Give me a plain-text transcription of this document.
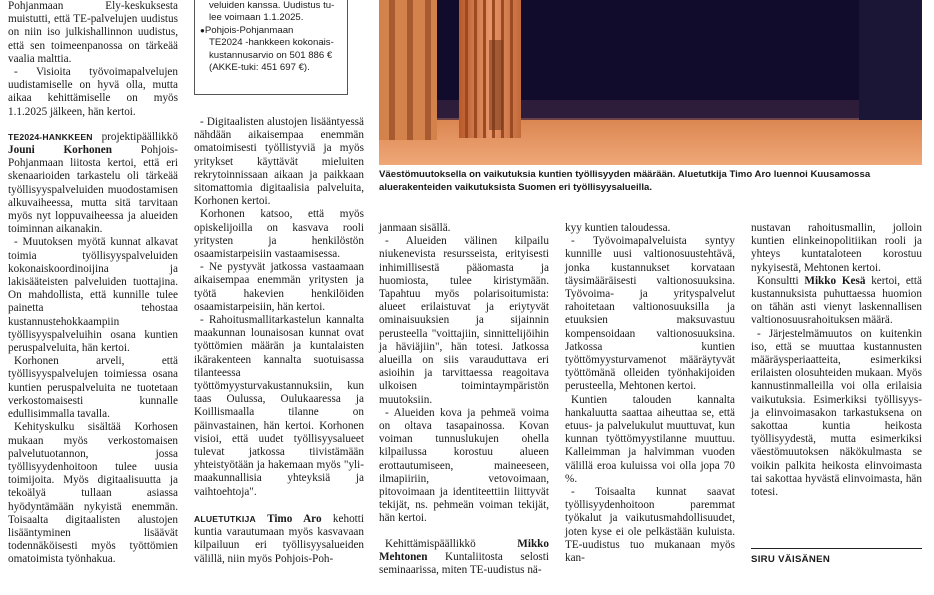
Pohjanmaan Ely-keskuksesta muistutti, että TE-palvelujen uudistus on niin iso julkishallinnon uudistus, että sen toimeenpanossa on tärkeää vaalia malttia.

- Visioita työvoimapalvelujen uudistamiselle on hyvä olla, mutta aikaa kehittämiselle on myös 1.1.2025 jälkeen, hän kertoi.

TE2024-HANKKEEN projektipäällikkö Jouni Korhonen Pohjois-Pohjanmaan liitosta kertoi, että eri skenaarioiden tarkastelu oli tärkeää työllisyyspalveluiden muodostamisen alkuvaiheessa, mutta sitä tarvitaan myös nyt loppuvaiheessa ja alueiden toiminnan aikanakin.

- Muutoksen myötä kunnat alkavat toimia työllisyyspalveluiden kokonaiskoordinoijina ja lakisääteisten palveluiden tuottajina. On mahdollista, että kunnille tulee painetta tehostaa kustannustehokkaampiin työllisyyspalveluihin osana kuntien peruspalveluita, hän kertoi.

Korhonen arveli, että työllisyyspalvelujen toimiessa osana kuntien peruspalveluita ne tuotetaan verkostomaisesti kunnalle edullisimmalla tavalla.

Kehityskulku sisältää Korhosen mukaan myös verkostomaisen palvelutuotannon, jossa työllisyydenhoitoon tulee uusia toimijoita. Myös digitaalisuutta ja tekoälyä tullaan asiassa hyödyntämään nykyistä enemmän. Toisaalta digitaalisten alustojen lisääntyminen lisäävät todennäköisesti myös työttömien omatoimista työnhakua.

veluiden kanssa. Uudistus tu-
lee voimaan 1.1.2025.
●Pohjois-Pohjanmaan
TE2024 -hankkeen kokonais-
kustannusarvio on 501 886 €
(AKKE-tuki: 451 697 €).

- Digitaalisten alustojen lisääntyessä nähdään aikaisempaa enemmän omatoimisesti työllistyviä ja myös yritykset käyttävät mieluiten rekrytoinnissaan aikaan ja paikkaan sitomattomia digitaalisia palveluita, Korhonen kertoi.

Korhonen katsoo, että myös opiskelijoilla on kasvava rooli yritysten ja henkilöstön osaamistarpeisiin vastaamisessa.

- Ne pystyvät jatkossa vastaamaan aikaisempaa enemmän yritysten ja työtä hakevien henkilöiden osaamistarpeisiin, hän kertoi.

- Rahoitusmallitarkastelun kannalta maakunnan lounaisosan kunnat ovat työttömien määrän ja kuntalaisten ikärakenteen kannalta suotuisassa tilanteessa työttömyysturvakustannuksiin, kun taas Oulussa, Oulukaaressa ja Koillismaalla tilanne on päinvastainen, hän kertoi. Korhonen visioi, että uudet työllisyysalueet tulevat jatkossa tiivistämään yhteistyötään ja hakemaan myös "yli-maakunnallisia yhteyksiä ja vaihtoehtoja".

ALUETUTKIJA Timo Aro kehotti kuntia varautumaan myös kasvavaan kilpailuun eri työllisyysalueiden välillä, niin myös Pohjois-Poh-

Väestömuutoksella on vaikutuksia kuntien työllisyyden määrään. Aluetutkija Timo Aro luennoi Kuusamossa aluerakenteiden vaikutuksista Suomen eri työllisyysalueilla.

janmaan sisällä.

- Alueiden välinen kilpailu niukenevista resursseista, erityisesti inhimillisestä pääomasta ja huomiosta, tulee kiristymään. Tapahtuu myös polarisoitumista: alueet erilaistuvat ja eriytyvät ominaisuuksien ja sijainnin perusteella "voittajiin, sinnittelijöihin ja häviäjiin", hän totesi. Jatkossa alueilla on siis varauduttava eri asioihin ja tarvittaessa reagoitava ulkoisen toimintaympäristön muutoksiin.

- Alueiden kova ja pehmeä voima on oltava tasapainossa. Kovan voiman tunnuslukujen ohella kilpailussa korostuu alueen erottautumiseen, maineeseen, ilmapiiriin, vetovoimaan, pitovoimaan ja identiteettiin liittyvät tekijät, ns. pehmeän voiman tekijät, hän kertoi.

Kehittämispäällikkö Mikko Mehtonen Kuntaliitosta selosti seminaarissa, miten TE-uudistus nä-

kyy kuntien taloudessa.

- Työvoimapalveluista syntyy kunnille uusi valtionosuustehtävä, jonka kustannukset korvataan täysimääräisesti valtionosuuksina. Työvoima- ja yrityspalvelut rahoitetaan valtionosuuksilla ja etuuksien maksuvastuu kompensoidaan valtionosuuksina. Jatkossa kuntien työttömyysturvamenot määräytyvät työttömänä olleiden työnhakijoiden perusteella, Mehtonen kertoi.

Kuntien talouden kannalta hankaluutta saattaa aiheuttaa se, että etuus- ja palvelukulut muuttuvat, kun kunnan työttömyystilanne muuttuu. Kalleimman ja halvimman vuoden välillä eroa kuluissa voi olla jopa 70 %.

- Toisaalta kunnat saavat työllisyydenhoitoon paremmat työkalut ja vaikutusmahdollisuudet, joten kyse ei ole pelkästään kuluista. TE-uudistus tuo mukanaan myös kan-

nustavan rahoitusmallin, jolloin kuntien elinkeinopolitiikan rooli ja yhteys kuntataloteen korostuu nykyisestä, Mehtonen kertoi.

Konsultti Mikko Kesä kertoi, että kustannuksista puhuttaessa huomion on tähän asti vienyt laskennallisen valtionosuusrahoituksen määrä.

- Järjestelmämuutos on kuitenkin iso, että se muuttaa kustannusten määräysperiaatteita, esimerkiksi erilaisten olosuhteiden mukaan. Myös kannustinmalleilla voi olla erilaisia vaikutuksia. Esimerkiksi työllisyys- ja elinvoimasakon tarkastuksena on sakottaa kuntia heikosta työllisyydestä, mutta esimerkiksi väestömuutoksen näkökulmasta se voikin palkita heikosta elinvoimasta tai sakottaa hyvästä elinvoimasta, hän totesi.

SIRU VÄISÄNEN
